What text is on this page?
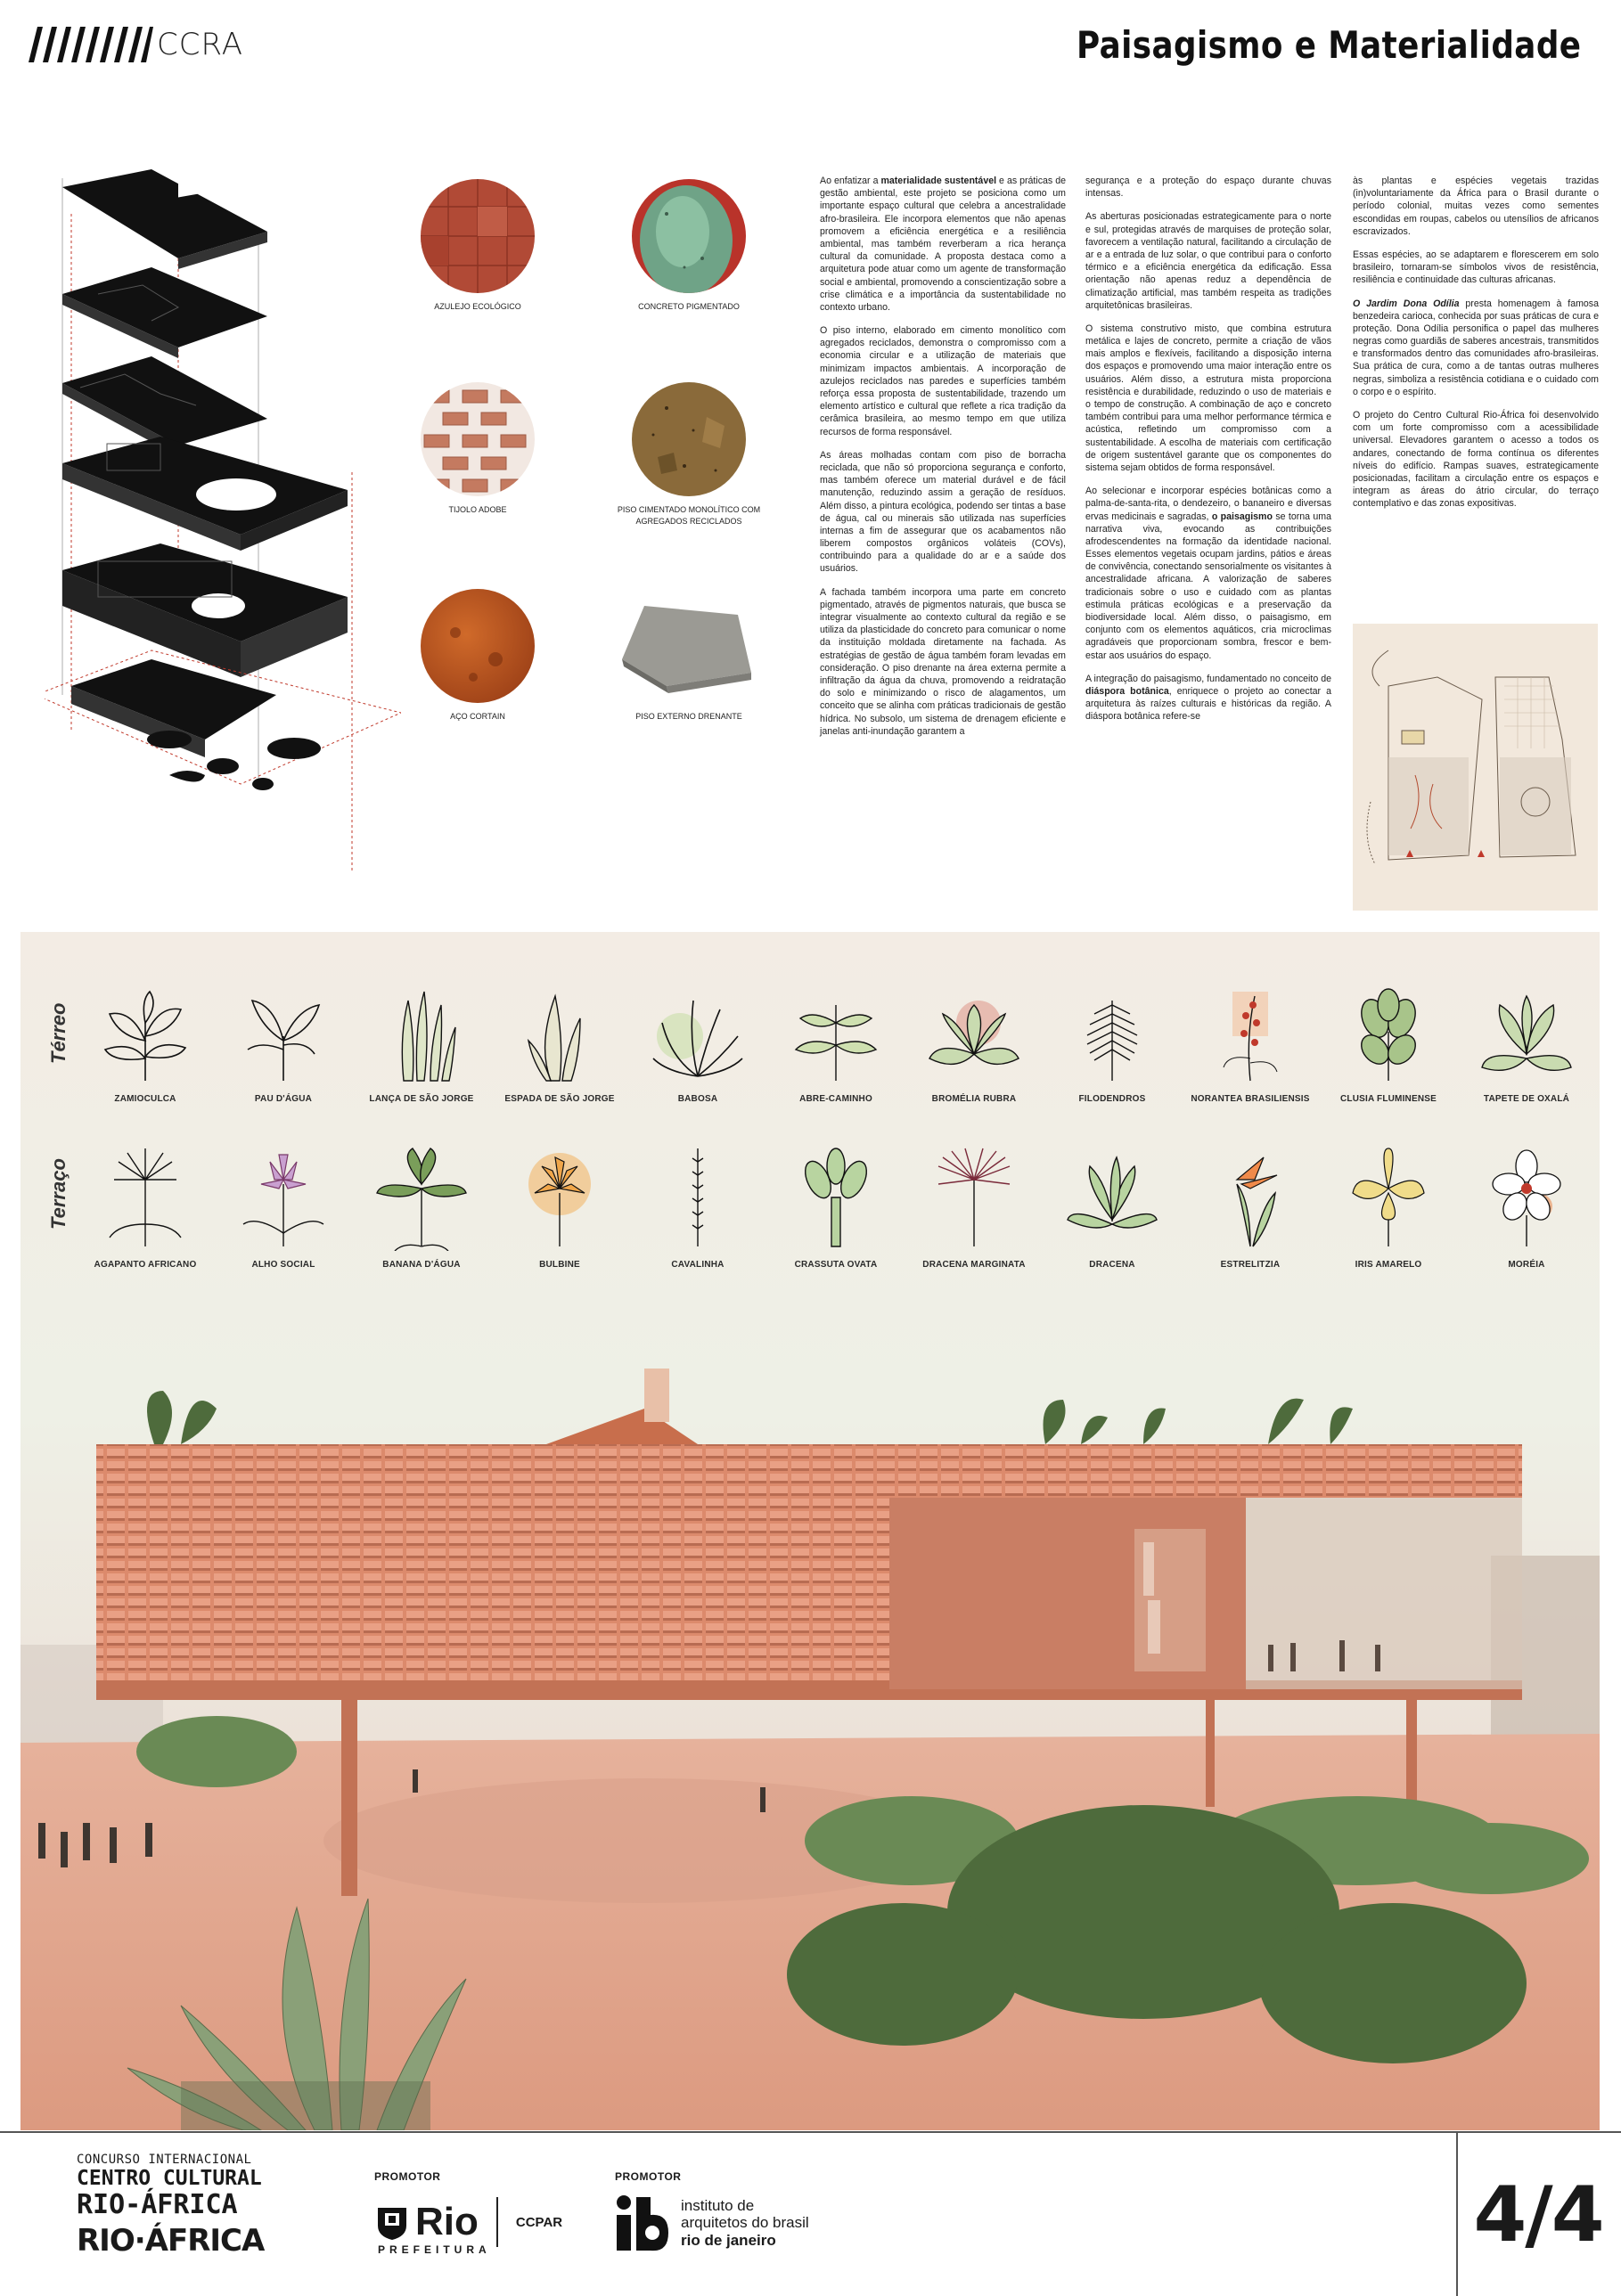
CCRA	Paisagismo e Materialidade
AZULEJO ECOLÓGICO	CONCRETO PIGMENTADO
TIJOLO ADOBE	PISO CIMENTADO MONOLÍTICO COM AGREGADOS RECICLADOS
AÇO CORTAIN	PISO EXTERNO DRENANTE

Ao enfatizar a materialidade sustentável e as práticas de gestão ambiental, este projeto se posiciona como um importante espaço cultural que celebra a ancestralidade afro-brasileira. Ele incorpora elementos que não apenas promovem a eficiência energética e a resiliência ambiental, mas também reverberam a rica herança cultural da comunidade. A proposta destaca como a arquitetura pode atuar como um agente de transformação social e ambiental, promovendo a conscientização sobre a crise climática e a importância da sustentabilidade no contexto urbano.

O piso interno, elaborado em cimento monolítico com agregados reciclados, demonstra o compromisso com a economia circular e a utilização de materiais que minimizam impactos ambientais. A incorporação de azulejos reciclados nas paredes e superfícies também reforça essa proposta de sustentabilidade, trazendo um elemento artístico e cultural que reflete a rica tradição da cerâmica brasileira, ao mesmo tempo em que utiliza recursos de forma responsável.

As áreas molhadas contam com piso de borracha reciclada, que não só proporciona segurança e conforto, mas também oferece um material durável e de fácil manutenção, reduzindo assim a geração de resíduos. Além disso, a pintura ecológica, podendo ser tintas a base de água, cal ou minerais são utilizada nas superfícies internas a fim de assegurar que os acabamentos não liberem compostos orgânicos voláteis (COVs), contribuindo para a qualidade do ar e a saúde dos usuários.

A fachada também incorpora uma parte em concreto pigmentado, através de pigmentos naturais, que busca se integrar visualmente ao contexto cultural da região e se utiliza da plasticidade do concreto para comunicar o nome da instituição moldada diretamente na fachada. As estratégias de gestão de água também foram levadas em consideração. O piso drenante na área externa permite a infiltração da água da chuva, promovendo a reidratação do solo e minimizando o risco de alagamentos, um conceito que se alinha com práticas tradicionais de gestão hídrica. No subsolo, um sistema de drenagem eficiente e janelas anti-inundação garantem a

segurança e a proteção do espaço durante chuvas intensas.

As aberturas posicionadas estrategicamente para o norte e sul, protegidas através de marquises de proteção solar, favorecem a ventilação natural, facilitando a circulação de ar e a entrada de luz solar, o que contribui para o conforto térmico e a eficiência energética da edificação. Essa orientação não apenas reduz a dependência de climatização artificial, mas também respeita as tradições arquitetônicas brasileiras.

O sistema construtivo misto, que combina estrutura metálica e lajes de concreto, permite a criação de vãos mais amplos e flexíveis, facilitando a disposição interna dos espaços e promovendo uma maior interação entre os usuários. Além disso, a estrutura mista proporciona resistência e durabilidade, reduzindo o uso de materiais e o tempo de construção. A combinação de aço e concreto também contribui para uma melhor performance térmica e acústica, refletindo um compromisso com a sustentabilidade. A escolha de materiais com certificação de origem sustentável garante que os componentes do sistema sejam obtidos de forma responsável.

Ao selecionar e incorporar espécies botânicas como a palma-de-santa-rita, o dendezeiro, o bananeiro e diversas ervas medicinais e sagradas, o paisagismo se torna uma narrativa viva, evocando as contribuições afrodescendentes na formação da identidade nacional. Esses elementos vegetais ocupam jardins, pátios e áreas de convivência, conectando sensorialmente os visitantes à ancestralidade africana. A valorização de saberes tradicionais sobre o uso e cuidado com as plantas estimula práticas ecológicas e a preservação da biodiversidade local. Além disso, o paisagismo, em conjunto com os elementos aquáticos, cria microclimas agradáveis que proporcionam sombra, frescor e bem-estar aos usuários do espaço.

A integração do paisagismo, fundamentado no conceito de diáspora botânica, enriquece o projeto ao conectar a arquitetura às raízes culturais e históricas da região. A diáspora botânica refere-se

às plantas e espécies vegetais trazidas (in)voluntariamente da África para o Brasil durante o período colonial, muitas vezes como sementes escondidas em roupas, cabelos ou utensílios de africanos escravizados.

Essas espécies, ao se adaptarem e florescerem em solo brasileiro, tornaram-se símbolos vivos de resistência, resiliência e continuidade das culturas africanas.

O Jardim Dona Odília presta homenagem à famosa benzedeira carioca, conhecida por suas práticas de cura e proteção. Dona Odília personifica o papel das mulheres negras como guardiãs de saberes ancestrais, transmitidos e transformados dentro das comunidades afro-brasileiras. Sua prática de cura, como a de tantas outras mulheres negras, simboliza a resistência cotidiana e o cuidado com o corpo e o espírito.

O projeto do Centro Cultural Rio-África foi desenvolvido com um forte compromisso com a acessibilidade universal. Elevadores garantem o acesso a todos os andares, conectando de forma contínua os diferentes níveis do edifício. Rampas suaves, estrategicamente posicionadas, facilitam a circulação entre os espaços e integram as áreas do átrio circular, do terraço contemplativo e das zonas expositivas.

Térreo
Terraço
ZAMIOCULCA	PAU D'ÁGUA	LANÇA DE SÃO JORGE	ESPADA DE SÃO JORGE	BABOSA	ABRE-CAMINHO	BROMÉLIA RUBRA	FILODENDROS	NORANTEA BRASILIENSIS	CLUSIA FLUMINENSE	TAPETE DE OXALÁ
AGAPANTO AFRICANO	ALHO SOCIAL	BANANA D'ÁGUA	BULBINE	CAVALINHA	CRASSUTA OVATA	DRACENA MARGINATA	DRACENA	ESTRELITZIA	IRIS AMARELO	MORÉIA
CONCURSO INTERNACIONAL
CENTRO CULTURAL
RIO-ÁFRICA
RIO·ÁFRICA
PROMOTOR
Rio
PREFEITURA
CCPAR
PROMOTOR
instituto de
arquitetos do brasil
rio de janeiro	4/4
